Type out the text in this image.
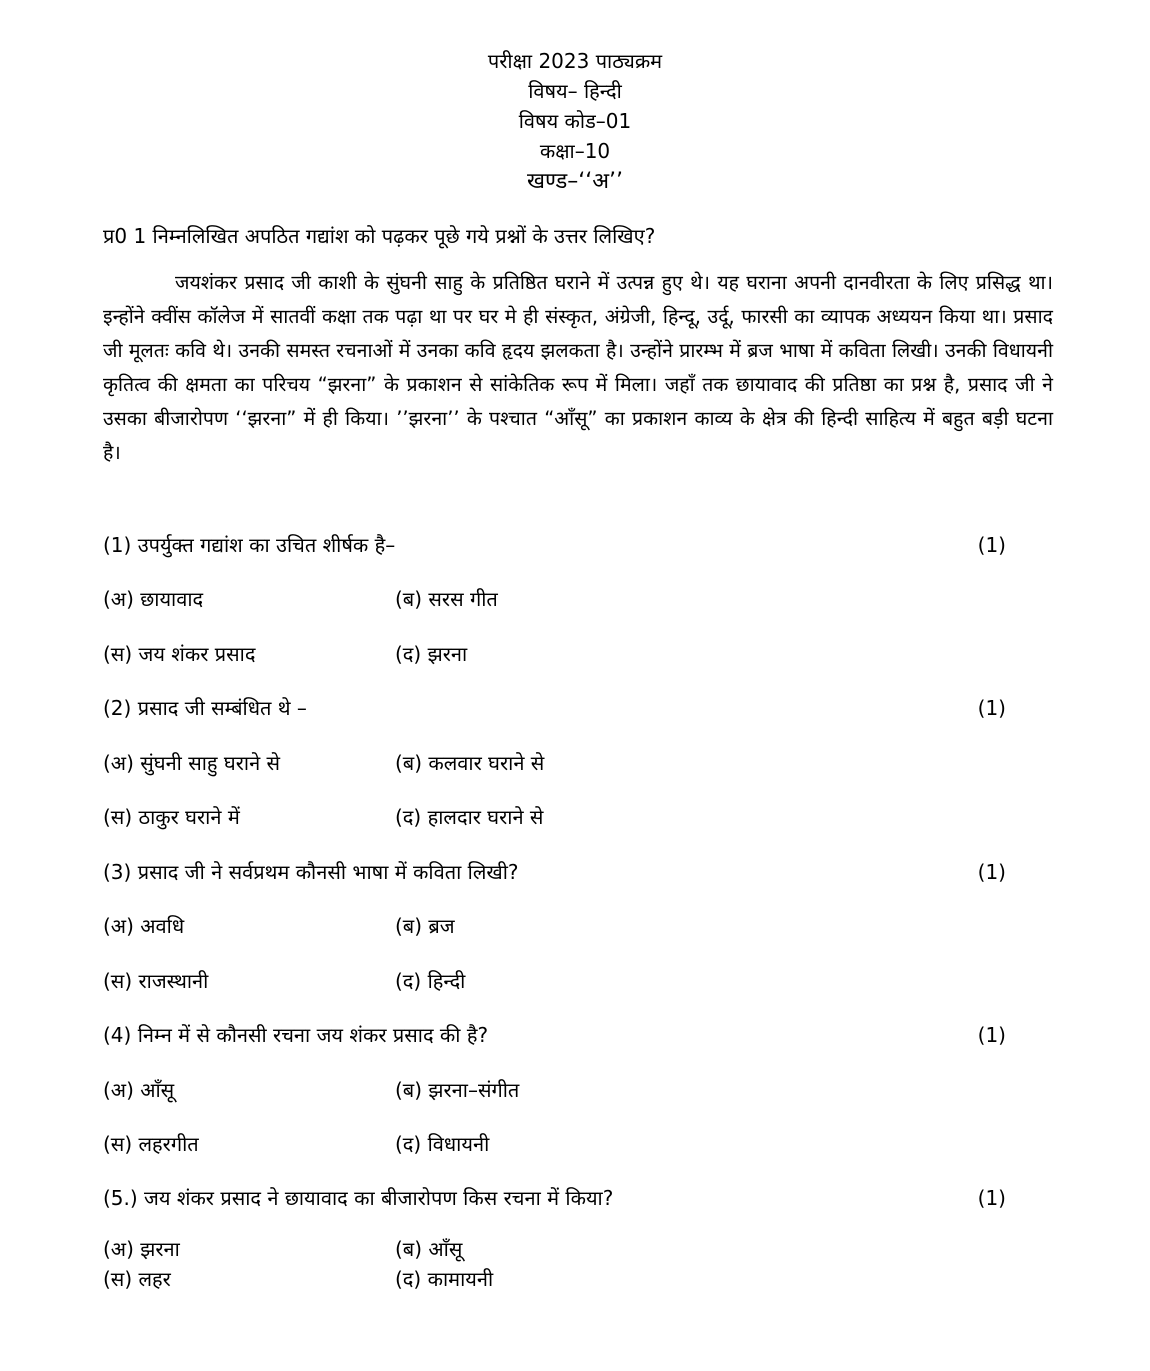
परीक्षा 2023 पाठ्यक्रम
विषय– हिन्दी
विषय कोड–01
कक्षा–10
खण्ड–‘‘अ’’
प्र0 1 निम्नलिखित अपठित गद्यांश को पढ़कर पूछे गये प्रश्नों के उत्तर लिखिए?

जयशंकर प्रसाद जी काशी के सुंघनी साहु के प्रतिष्ठित घराने में उत्पन्न हुए थे। यह घराना अपनी दानवीरता के लिए प्रसिद्ध था। इन्होंने क्वींस कॉलेज में सातवीं कक्षा तक पढ़ा था पर घर मे ही संस्कृत, अंग्रेजी, हिन्दू, उर्दू, फारसी का व्यापक अध्ययन किया था। प्रसाद जी मूलतः कवि थे। उनकी समस्त रचनाओं में उनका कवि हृदय झलकता है। उन्होंने प्रारम्भ में ब्रज भाषा में कविता लिखी। उनकी विधायनी कृतित्व की क्षमता का परिचय “झरना” के प्रकाशन से सांकेतिक रूप में मिला। जहाँ तक छायावाद की प्रतिष्ठा का प्रश्न है, प्रसाद जी ने उसका बीजारोपण ‘‘झरना” में ही किया। ’’झरना’’ के पश्चात “आँसू” का प्रकाशन काव्य के क्षेत्र की हिन्दी साहित्य में बहुत बड़ी घटना है।

(1) उपर्युक्त गद्यांश का उचित शीर्षक है–	(1)
(अ) छायावाद	(ब) सरस गीत
(स) जय शंकर प्रसाद	(द) झरना
(2) प्रसाद जी सम्बंधित थे –	(1)
(अ) सुंघनी साहु घराने से	(ब) कलवार घराने से
(स) ठाकुर घराने में	(द) हालदार घराने से
(3) प्रसाद जी ने सर्वप्रथम कौनसी भाषा में कविता लिखी?	(1)
(अ) अवधि	(ब) ब्रज
(स) राजस्थानी	(द) हिन्दी
(4) निम्न में से कौनसी रचना जय शंकर प्रसाद की है?	(1)
(अ) आँसू	(ब) झरना–संगीत
(स) लहरगीत	(द) विधायनी
(5.) जय शंकर प्रसाद ने छायावाद का बीजारोपण किस रचना में किया?	(1)
(अ) झरना	(ब) आँसू
(स) लहर	(द) कामायनी
